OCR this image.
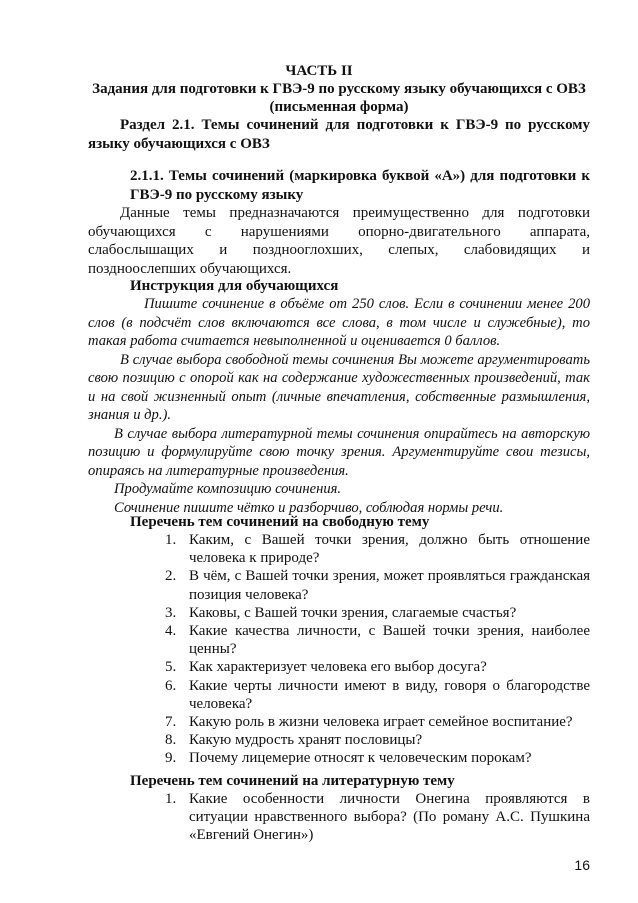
ЧАСТЬ II
Задания для подготовки к ГВЭ-9 по русскому языку обучающихся с ОВЗ (письменная форма)
Раздел 2.1. Темы сочинений для подготовки к ГВЭ-9 по русскому языку обучающихся с ОВЗ
2.1.1. Темы сочинений (маркировка буквой «А») для подготовки к ГВЭ-9 по русскому языку
Данные темы предназначаются преимущественно для подготовки обучающихся с нарушениями опорно-двигательного аппарата, слабослышащих и позднооглохших, слепых, слабовидящих и поздноослепших обучающихся.
Инструкция для обучающихся

Пишите сочинение в объёме от 250 слов. Если в сочинении менее 200 слов (в подсчёт слов включаются все слова, в том числе и служебные), то такая работа считается невыполненной и оценивается 0 баллов.

В случае выбора свободной темы сочинения Вы можете аргументировать свою позицию с опорой как на содержание художественных произведений, так и на свой жизненный опыт (личные впечатления, собственные размышления, знания и др.).

В случае выбора литературной темы сочинения опирайтесь на авторскую позицию и формулируйте свою точку зрения. Аргументируйте свои тезисы, опираясь на литературные произведения.

Продумайте композицию сочинения.

Сочинение пишите чётко и разборчиво, соблюдая нормы речи.

Перечень тем сочинений на свободную тему
1. Каким, с Вашей точки зрения, должно быть отношение человека к природе?
2. В чём, с Вашей точки зрения, может проявляться гражданская позиция человека?
3. Каковы, с Вашей точки зрения, слагаемые счастья?
4. Какие качества личности, с Вашей точки зрения, наиболее ценны?
5. Как характеризует человека его выбор досуга?
6. Какие черты личности имеют в виду, говоря о благородстве человека?
7. Какую роль в жизни человека играет семейное воспитание?
8. Какую мудрость хранят пословицы?
9. Почему лицемерие относят к человеческим порокам?
Перечень тем сочинений на литературную тему
1. Какие особенности личности Онегина проявляются в ситуации нравственного выбора? (По роману А.С. Пушкина «Евгений Онегин»)
16
